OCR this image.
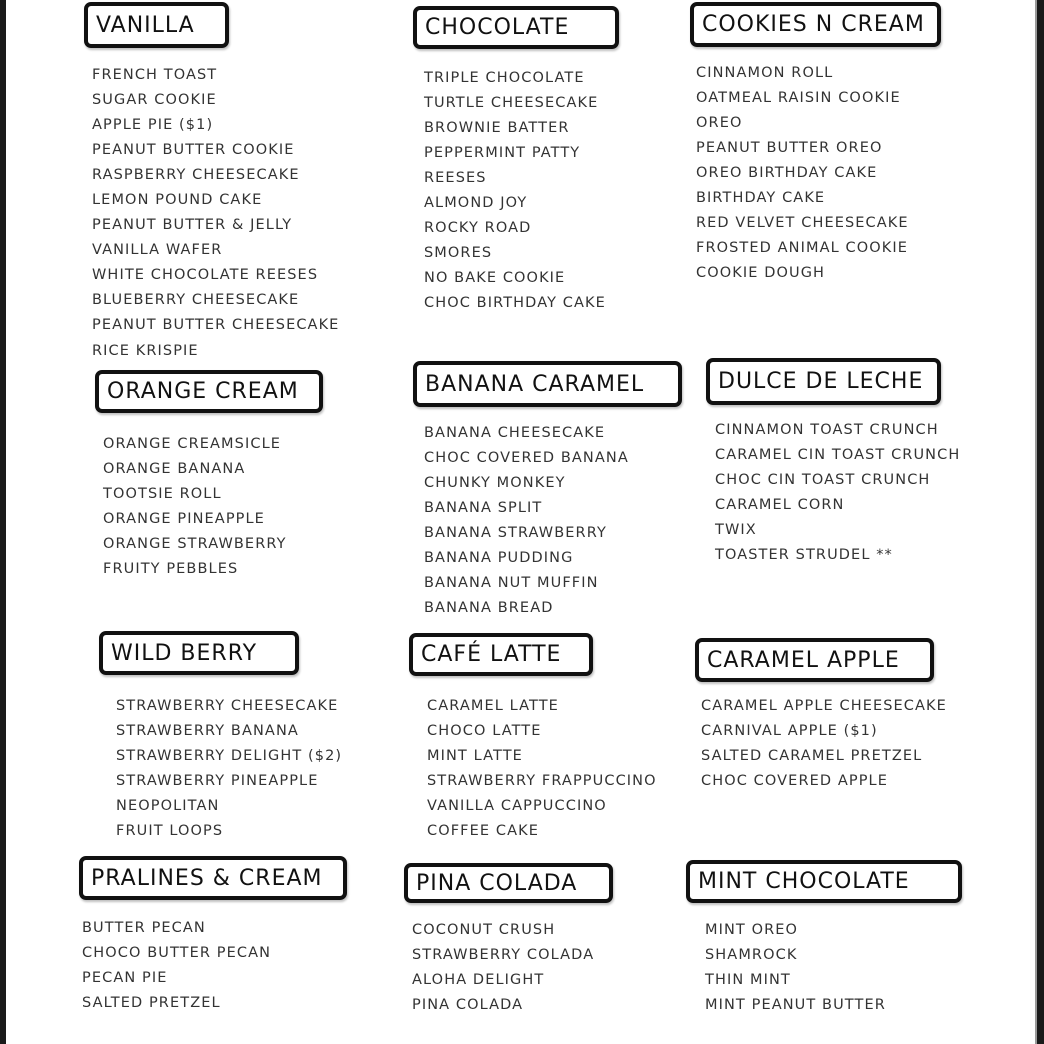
VANILLA
FRENCH TOAST
SUGAR COOKIE
APPLE PIE ($1)
PEANUT BUTTER COOKIE
RASPBERRY CHEESECAKE
LEMON POUND CAKE
PEANUT BUTTER & JELLY
VANILLA WAFER
WHITE CHOCOLATE REESES
BLUEBERRY CHEESECAKE
PEANUT BUTTER CHEESECAKE
RICE KRISPIE
CHOCOLATE
TRIPLE CHOCOLATE
TURTLE CHEESECAKE
BROWNIE BATTER
PEPPERMINT PATTY
REESES
ALMOND JOY
ROCKY ROAD
SMORES
NO BAKE COOKIE
CHOC BIRTHDAY CAKE
COOKIES N CREAM
CINNAMON ROLL
OATMEAL RAISIN COOKIE
OREO
PEANUT BUTTER OREO
OREO BIRTHDAY CAKE
BIRTHDAY CAKE
RED VELVET CHEESECAKE
FROSTED ANIMAL COOKIE
COOKIE DOUGH
ORANGE CREAM
ORANGE CREAMSICLE
ORANGE BANANA
TOOTSIE ROLL
ORANGE PINEAPPLE
ORANGE STRAWBERRY
FRUITY PEBBLES
BANANA CARAMEL
BANANA CHEESECAKE
CHOC COVERED BANANA
CHUNKY MONKEY
BANANA SPLIT
BANANA STRAWBERRY
BANANA PUDDING
BANANA NUT MUFFIN
BANANA BREAD
DULCE DE LECHE
CINNAMON TOAST CRUNCH
CARAMEL CIN TOAST CRUNCH
CHOC CIN TOAST CRUNCH
CARAMEL CORN
TWIX
TOASTER STRUDEL **
WILD BERRY
STRAWBERRY CHEESECAKE
STRAWBERRY BANANA
STRAWBERRY DELIGHT ($2)
STRAWBERRY PINEAPPLE
NEOPOLITAN
FRUIT LOOPS
CAFÉ LATTE
CARAMEL LATTE
CHOCO LATTE
MINT LATTE
STRAWBERRY FRAPPUCCINO
VANILLA CAPPUCCINO
COFFEE CAKE
CARAMEL APPLE
CARAMEL APPLE CHEESECAKE
CARNIVAL APPLE ($1)
SALTED CARAMEL PRETZEL
CHOC COVERED APPLE
PRALINES & CREAM
BUTTER PECAN
CHOCO BUTTER PECAN
PECAN PIE
SALTED PRETZEL
PINA COLADA
COCONUT CRUSH
STRAWBERRY COLADA
ALOHA DELIGHT
PINA COLADA
MINT CHOCOLATE
MINT OREO
SHAMROCK
THIN MINT
MINT PEANUT BUTTER
